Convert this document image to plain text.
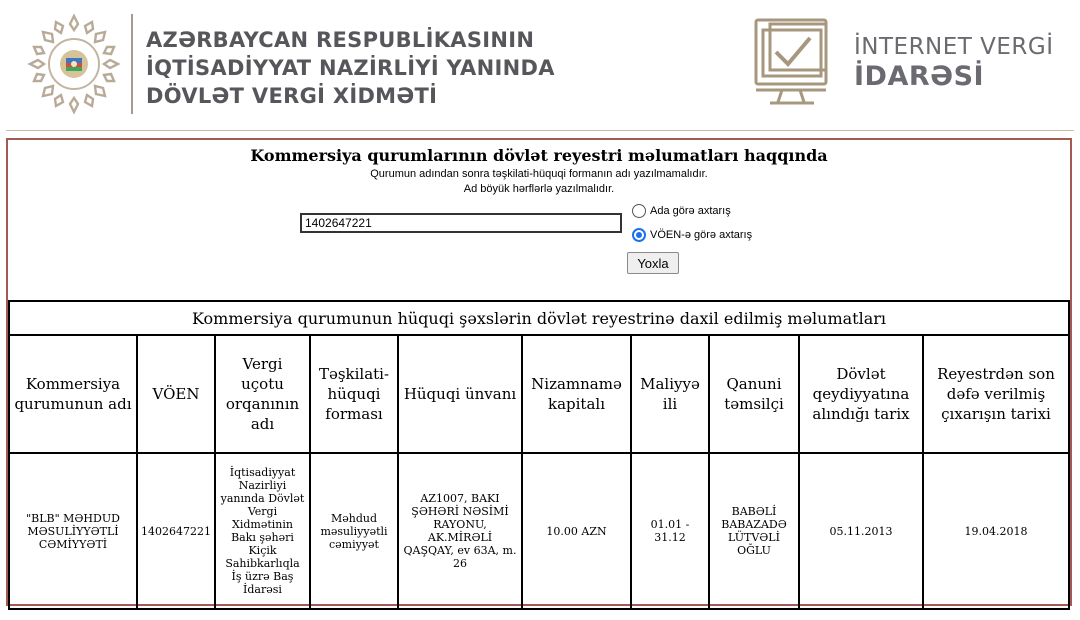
AZƏRBAYCAN RESPUBLİKASININ
İQTİSADİYYAT NAZİRLİYİ YANINDA
DÖVLƏT VERGİ XİDMƏTİ
İNTERNET VERGİ
İDARƏSİ
Kommersiya qurumlarının dövlət reyestri məlumatları haqqında
Qurumun adından sonra təşkilati-hüquqi formanın adı yazılmamalıdır.
Ad böyük hərflərlə yazılmalıdır.
1402647221
Ada görə axtarış
VÖEN-ə görə axtarış
Yoxla
Kommersiya qurumunun hüquqi şəxslərin dövlət reyestrinə daxil edilmiş məlumatları									
Kommersiya qurumunun adı	VÖEN	Vergi uçotu orqanının adı	Təşkilati-hüquqi forması	Hüquqi ünvanı	Nizamnamə kapitalı	Maliyyə ili	Qanuni təmsilçi	Dövlət qeydiyyatına alındığı tarix	Reyestrdən son dəfə verilmiş çıxarışın tarixi
"BLB" MƏHDUD MƏSULİYYƏTLİ CƏMİYYƏTİ	1402647221	İqtisadiyyat Nazirliyi yanında Dövlət Vergi Xidmətinin Bakı şəhəri Kiçik Sahibkarlıqla İş üzrə Baş İdarəsi	Məhdud məsuliyyətli cəmiyyət	AZ1007, BAKI ŞƏHƏRİ NƏSİMİ RAYONU, AK.MİRƏLİ QAŞQAY, ev 63A, m. 26	10.00 AZN	01.01 - 31.12	BABƏLİ BABAZADƏ LÜTVƏLİ OĞLU	05.11.2013	19.04.2018
